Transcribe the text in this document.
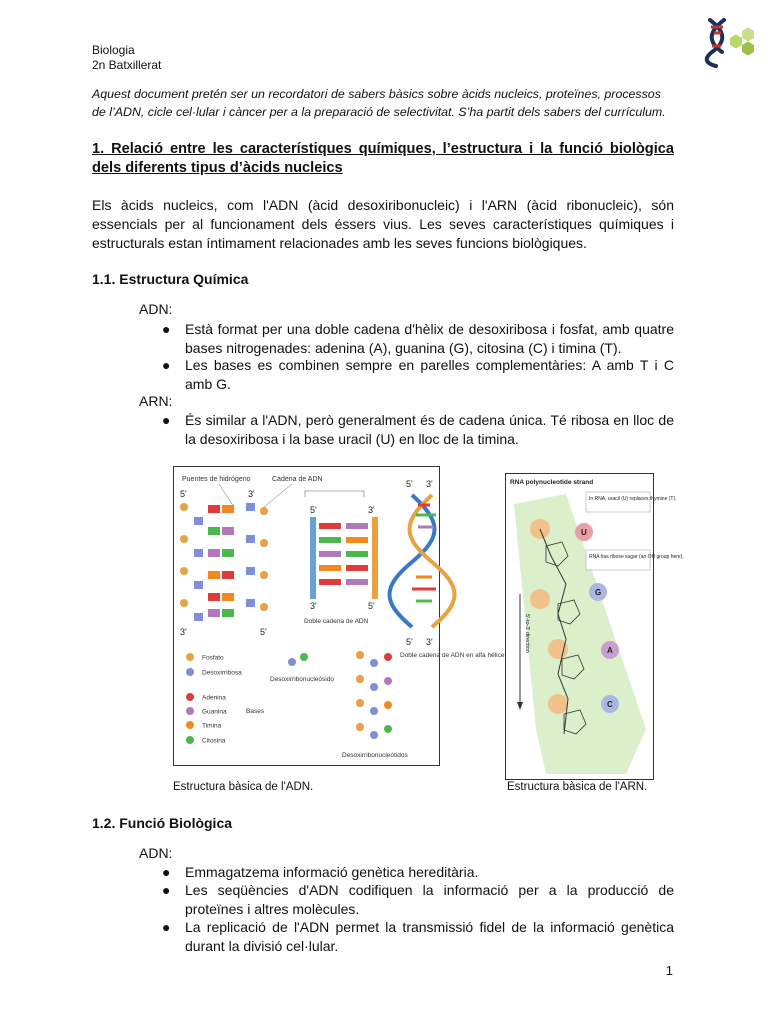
Biologia
2n Batxillerat
Aquest document pretén ser un recordatori de sabers bàsics sobre àcids nucleics, proteïnes, processos de l’ADN, cicle cel·lular i càncer per a la preparació de selectivitat. S’ha partit dels sabers del currículum.
1. Relació entre les característiques químiques, l’estructura i la funció biològica dels diferents tipus d’àcids nucleics
Els àcids nucleics, com l'ADN (àcid desoxiribonucleic) i l'ARN (àcid ribonucleic), són essencials per al funcionament dels éssers vius. Les seves característiques químiques i estructurals estan íntimament relacionades amb les seves funcions biològiques.
1.1. Estructura Química
ADN:
●	Està format per una doble cadena d'hèlix de desoxiribosa i fosfat, amb quatre bases nitrogenades: adenina (A), guanina (G), citosina (C) i timina (T).
●	Les bases es combinen sempre en parelles complementàries: A amb T i C amb G.
ARN:
●	És similar a l'ADN, però generalment és de cadena única. Té ribosa en lloc de la desoxiribosa i la base uracil (U) en lloc de la timina.
Puentes de hidrógeno	Cadena de ADN
5'	3'
3'	5'
5'	3'
3'	5'
Doble cadena de ADN
5' 3'
5' 3'
Doble cadena de ADN en alfa hélice
Fosfato
Desoxirribosa
Adenina
Guanina
Timina
Citosina
Bases
Desoxirribonucleósido
Desoxirribonucleótidos
Estructura bàsica de l'ADN.
RNA polynucleotide strand
In RNA, uracil (U) replaces thymine (T).
RNA has ribose sugar (an OH group here).
U
G
A
C
5'-to-3' direction
Estructura bàsica de l'ARN.
1.2. Funció Biològica
ADN:
●	Emmagatzema informació genètica hereditària.
●	Les seqüències d'ADN codifiquen la informació per a la producció de proteïnes i altres molècules.
●	La replicació de l'ADN permet la transmissió fidel de la informació genètica durant la divisió cel·lular.
1
